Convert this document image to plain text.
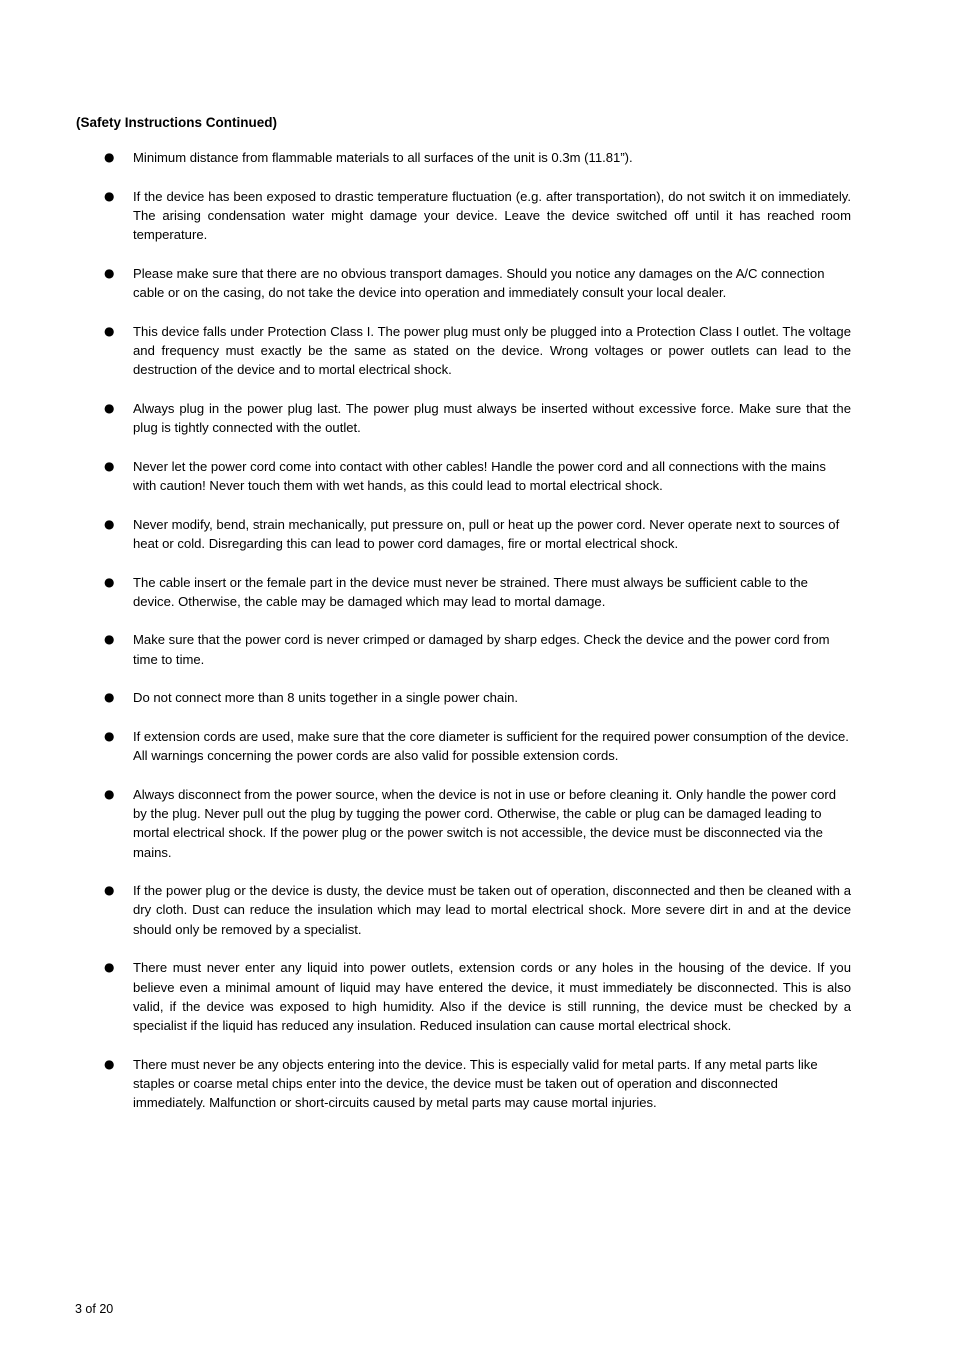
(Safety Instructions Continued)

● Minimum distance from flammable materials to all surfaces of the unit is 0.3m (11.81”).
● If the device has been exposed to drastic temperature fluctuation (e.g. after transportation), do not switch it on immediately. The arising condensation water might damage your device. Leave the device switched off until it has reached room temperature.
● Please make sure that there are no obvious transport damages. Should you notice any damages on the A/C connection cable or on the casing, do not take the device into operation and immediately consult your local dealer.
● This device falls under Protection Class I. The power plug must only be plugged into a Protection Class I outlet. The voltage and frequency must exactly be the same as stated on the device. Wrong voltages or power outlets can lead to the destruction of the device and to mortal electrical shock.
● Always plug in the power plug last. The power plug must always be inserted without excessive force. Make sure that the plug is tightly connected with the outlet.
● Never let the power cord come into contact with other cables! Handle the power cord and all connections with the mains with caution! Never touch them with wet hands, as this could lead to mortal electrical shock.
● Never modify, bend, strain mechanically, put pressure on, pull or heat up the power cord. Never operate next to sources of heat or cold. Disregarding this can lead to power cord damages, fire or mortal electrical shock.
● The cable insert or the female part in the device must never be strained. There must always be sufficient cable to the device. Otherwise, the cable may be damaged which may lead to mortal damage.
● Make sure that the power cord is never crimped or damaged by sharp edges. Check the device and the power cord from time to time.
● Do not connect more than 8 units together in a single power chain.
● If extension cords are used, make sure that the core diameter is sufficient for the required power consumption of the device. All warnings concerning the power cords are also valid for possible extension cords.
● Always disconnect from the power source, when the device is not in use or before cleaning it. Only handle the power cord by the plug. Never pull out the plug by tugging the power cord. Otherwise, the cable or plug can be damaged leading to mortal electrical shock. If the power plug or the power switch is not accessible, the device must be disconnected via the mains.
● If the power plug or the device is dusty, the device must be taken out of operation, disconnected and then be cleaned with a dry cloth. Dust can reduce the insulation which may lead to mortal electrical shock. More severe dirt in and at the device should only be removed by a specialist.
● There must never enter any liquid into power outlets, extension cords or any holes in the housing of the device. If you believe even a minimal amount of liquid may have entered the device, it must immediately be disconnected. This is also valid, if the device was exposed to high humidity. Also if the device is still running, the device must be checked by a specialist if the liquid has reduced any insulation. Reduced insulation can cause mortal electrical shock.
● There must never be any objects entering into the device. This is especially valid for metal parts. If any metal parts like staples or coarse metal chips enter into the device, the device must be taken out of operation and disconnected immediately. Malfunction or short-circuits caused by metal parts may cause mortal injuries.

3 of 20
